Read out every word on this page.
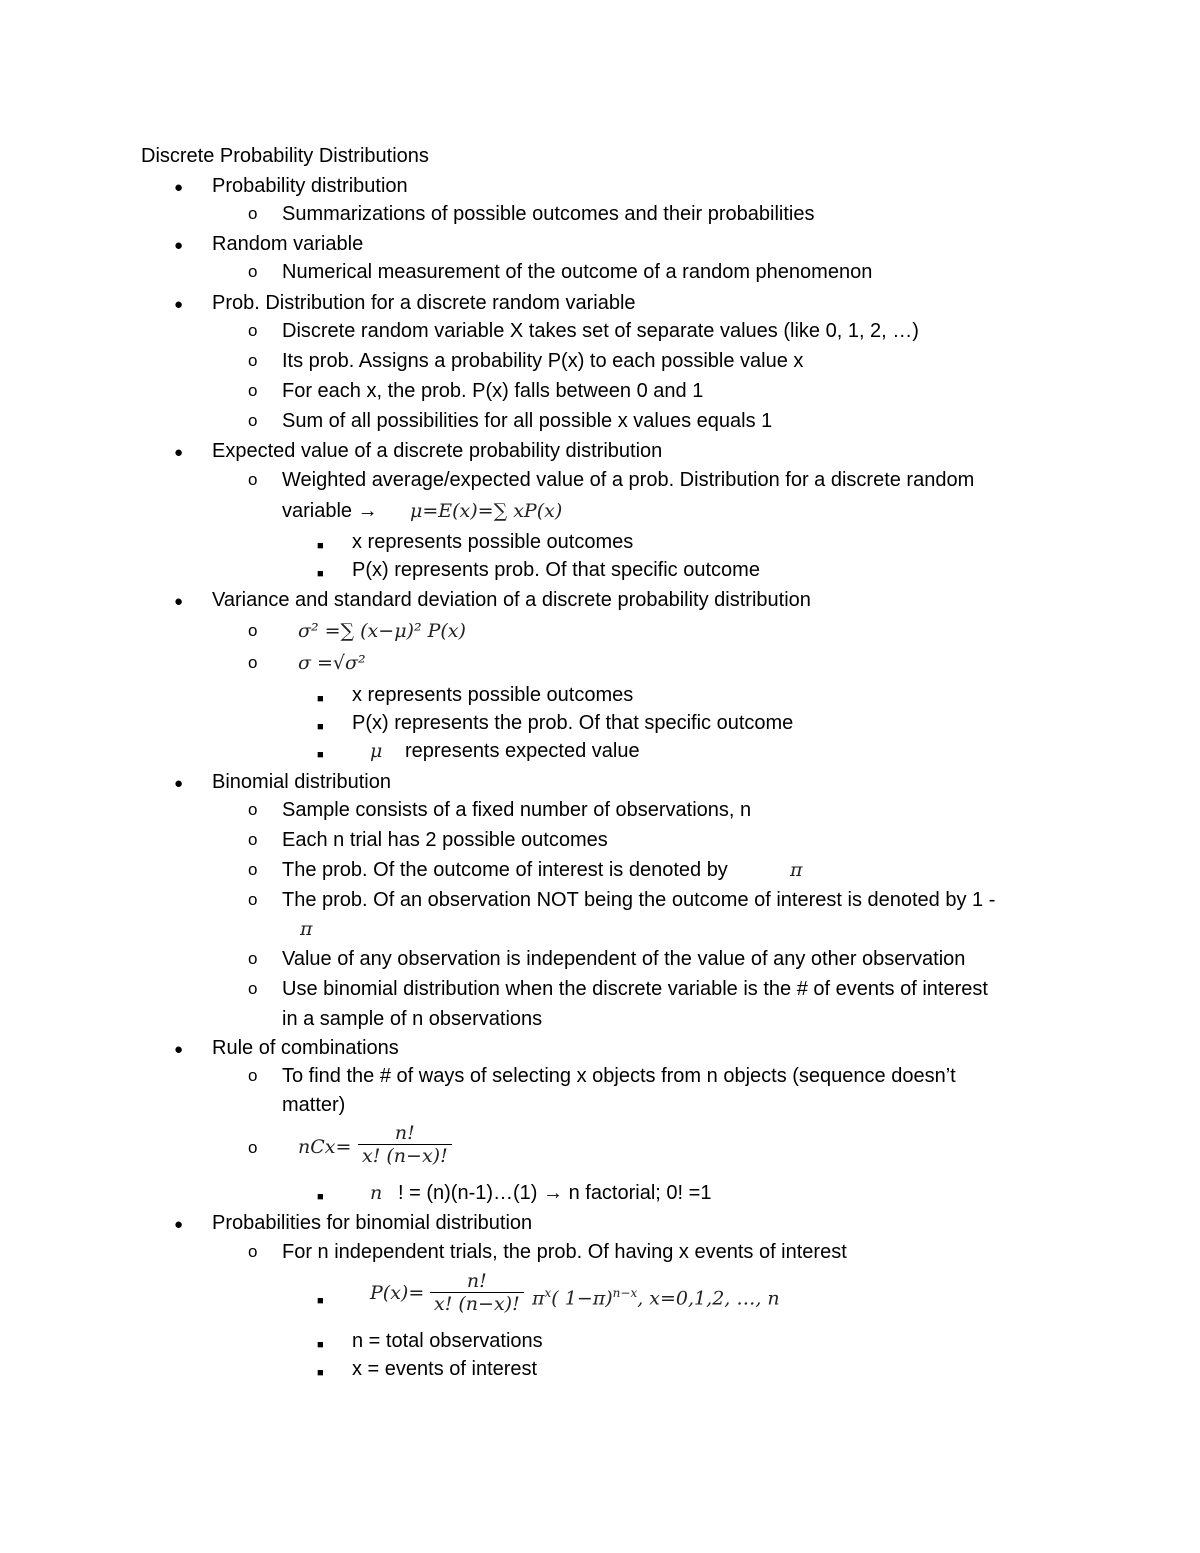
Discrete Probability Distributions
● Probability distribution
o Summarizations of possible outcomes and their probabilities
● Random variable
o Numerical measurement of the outcome of a random phenomenon
● Prob. Distribution for a discrete random variable
o Discrete random variable X takes set of separate values (like 0, 1, 2, …)
o Its prob. Assigns a probability P(x) to each possible value x
o For each x, the prob. P(x) falls between 0 and 1
o Sum of all possibilities for all possible x values equals 1
● Expected value of a discrete probability distribution
o Weighted average/expected value of a prob. Distribution for a discrete random
variable → μ=E(x)=∑ xP(x)
■ x represents possible outcomes
■ P(x) represents prob. Of that specific outcome
● Variance and standard deviation of a discrete probability distribution
o σ² =∑ (x−μ)² P(x)
o σ =√σ²
■ x represents possible outcomes
■ P(x) represents the prob. Of that specific outcome
■ μ represents expected value
● Binomial distribution
o Sample consists of a fixed number of observations, n
o Each n trial has 2 possible outcomes
o The prob. Of the outcome of interest is denoted by	π
o The prob. Of an observation NOT being the outcome of interest is denoted by 1 -
π
o Value of any observation is independent of the value of any other observation
o Use binomial distribution when the discrete variable is the # of events of interest
in a sample of n observations
● Rule of combinations
o To find the # of ways of selecting x objects from n objects (sequence doesn’t
matter)
o $nCx= \frac{n!}{x! (n-x)!}$
■ n ! = (n)(n-1)…(1) → n factorial; 0! =1
● Probabilities for binomial distribution
o For n independent trials, the prob. Of having x events of interest
■ $P(x)= \frac{n!}{x! (n-x)!} \pi^x$( 1−π)$^{n-x}$, x=0,1,2, …, n
■ n = total observations
■ x = events of interest
